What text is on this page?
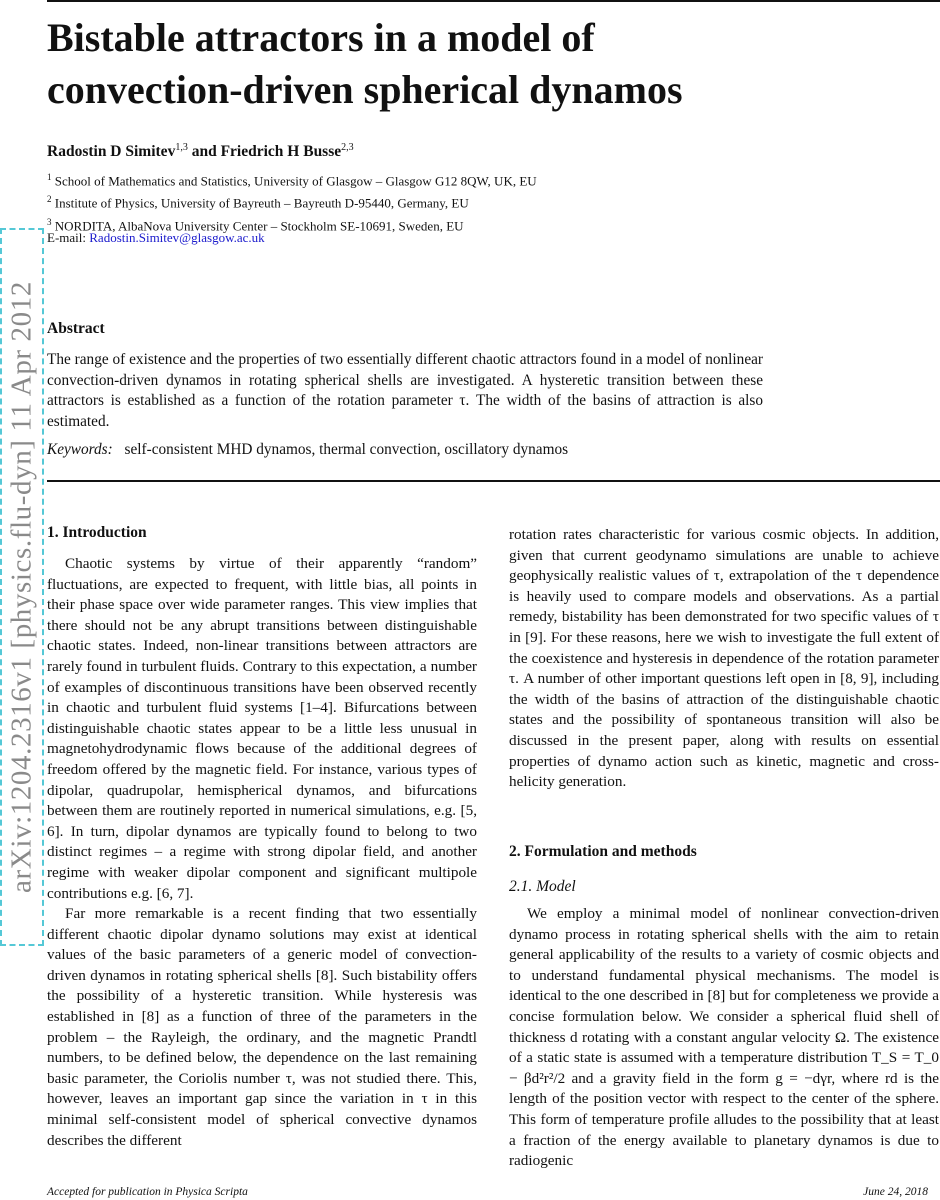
Bistable attractors in a model of
convection-driven spherical dynamos
Radostin D Simitev$^{1,3}$ and Friedrich H Busse$^{2,3}$
$^1$ School of Mathematics and Statistics, University of Glasgow – Glasgow G12 8QW, UK, EU
$^2$ Institute of Physics, University of Bayreuth – Bayreuth D-95440, Germany, EU
$^3$ NORDITA, AlbaNova University Center – Stockholm SE-10691, Sweden, EU
E-mail: Radostin.Simitev@glasgow.ac.uk
Abstract
The range of existence and the properties of two essentially different chaotic attractors found in a model of nonlinear convection-driven dynamos in rotating spherical shells are investigated. A hysteretic transition between these attractors is established as a function of the rotation parameter τ. The width of the basins of attraction is also estimated.
Keywords: self-consistent MHD dynamos, thermal convection, oscillatory dynamos
1. Introduction

Chaotic systems by virtue of their apparently “random” fluctuations, are expected to frequent, with little bias, all points in their phase space over wide parameter ranges. This view implies that there should not be any abrupt transitions between distinguishable chaotic states. Indeed, non-linear transitions between attractors are rarely found in turbulent fluids. Contrary to this expectation, a number of examples of discontinuous transitions have been observed recently in chaotic and turbulent fluid systems [1–4]. Bifurcations between distinguishable chaotic states appear to be a little less unusual in magnetohydrodynamic flows because of the additional degrees of freedom offered by the magnetic field. For instance, various types of dipolar, quadrupolar, hemispherical dynamos, and bifurcations between them are routinely reported in numerical simulations, e.g. [5, 6]. In turn, dipolar dynamos are typically found to belong to two distinct regimes – a regime with strong dipolar field, and another regime with weaker dipolar component and significant multipole contributions e.g. [6, 7].

Far more remarkable is a recent finding that two essentially different chaotic dipolar dynamo solutions may exist at identical values of the basic parameters of a generic model of convection-driven dynamos in rotating spherical shells [8]. Such bistability offers the possibility of a hysteretic transition. While hysteresis was established in [8] as a function of three of the parameters in the problem – the Rayleigh, the ordinary, and the magnetic Prandtl numbers, to be defined below, the dependence on the last remaining basic parameter, the Coriolis number τ, was not studied there. This, however, leaves an important gap since the variation in τ in this minimal self-consistent model of spherical convective dynamos describes the different

rotation rates characteristic for various cosmic objects. In addition, given that current geodynamo simulations are unable to achieve geophysically realistic values of τ, extrapolation of the τ dependence is heavily used to compare models and observations. As a partial remedy, bistability has been demonstrated for two specific values of τ in [9]. For these reasons, here we wish to investigate the full extent of the coexistence and hysteresis in dependence of the rotation parameter τ. A number of other important questions left open in [8, 9], including the width of the basins of attraction of the distinguishable chaotic states and the possibility of spontaneous transition will also be discussed in the present paper, along with results on essential properties of dynamo action such as kinetic, magnetic and cross-helicity generation.

2. Formulation and methods
2.1. Model

We employ a minimal model of nonlinear convection-driven dynamo process in rotating spherical shells with the aim to retain general applicability of the results to a variety of cosmic objects and to understand fundamental physical mechanisms. The model is identical to the one described in [8] but for completeness we provide a concise formulation below. We consider a spherical fluid shell of thickness d rotating with a constant angular velocity Ω. The existence of a static state is assumed with a temperature distribution T_S = T_0 − βd²r²/2 and a gravity field in the form g = −dγr, where rd is the length of the position vector with respect to the center of the sphere. This form of temperature profile alludes to the possibility that at least a fraction of the energy available to planetary dynamos is due to radiogenic

arXiv:1204.2316v1 [physics.flu-dyn] 11 Apr 2012
Accepted for publication in Physica Scripta	June 24, 2018
